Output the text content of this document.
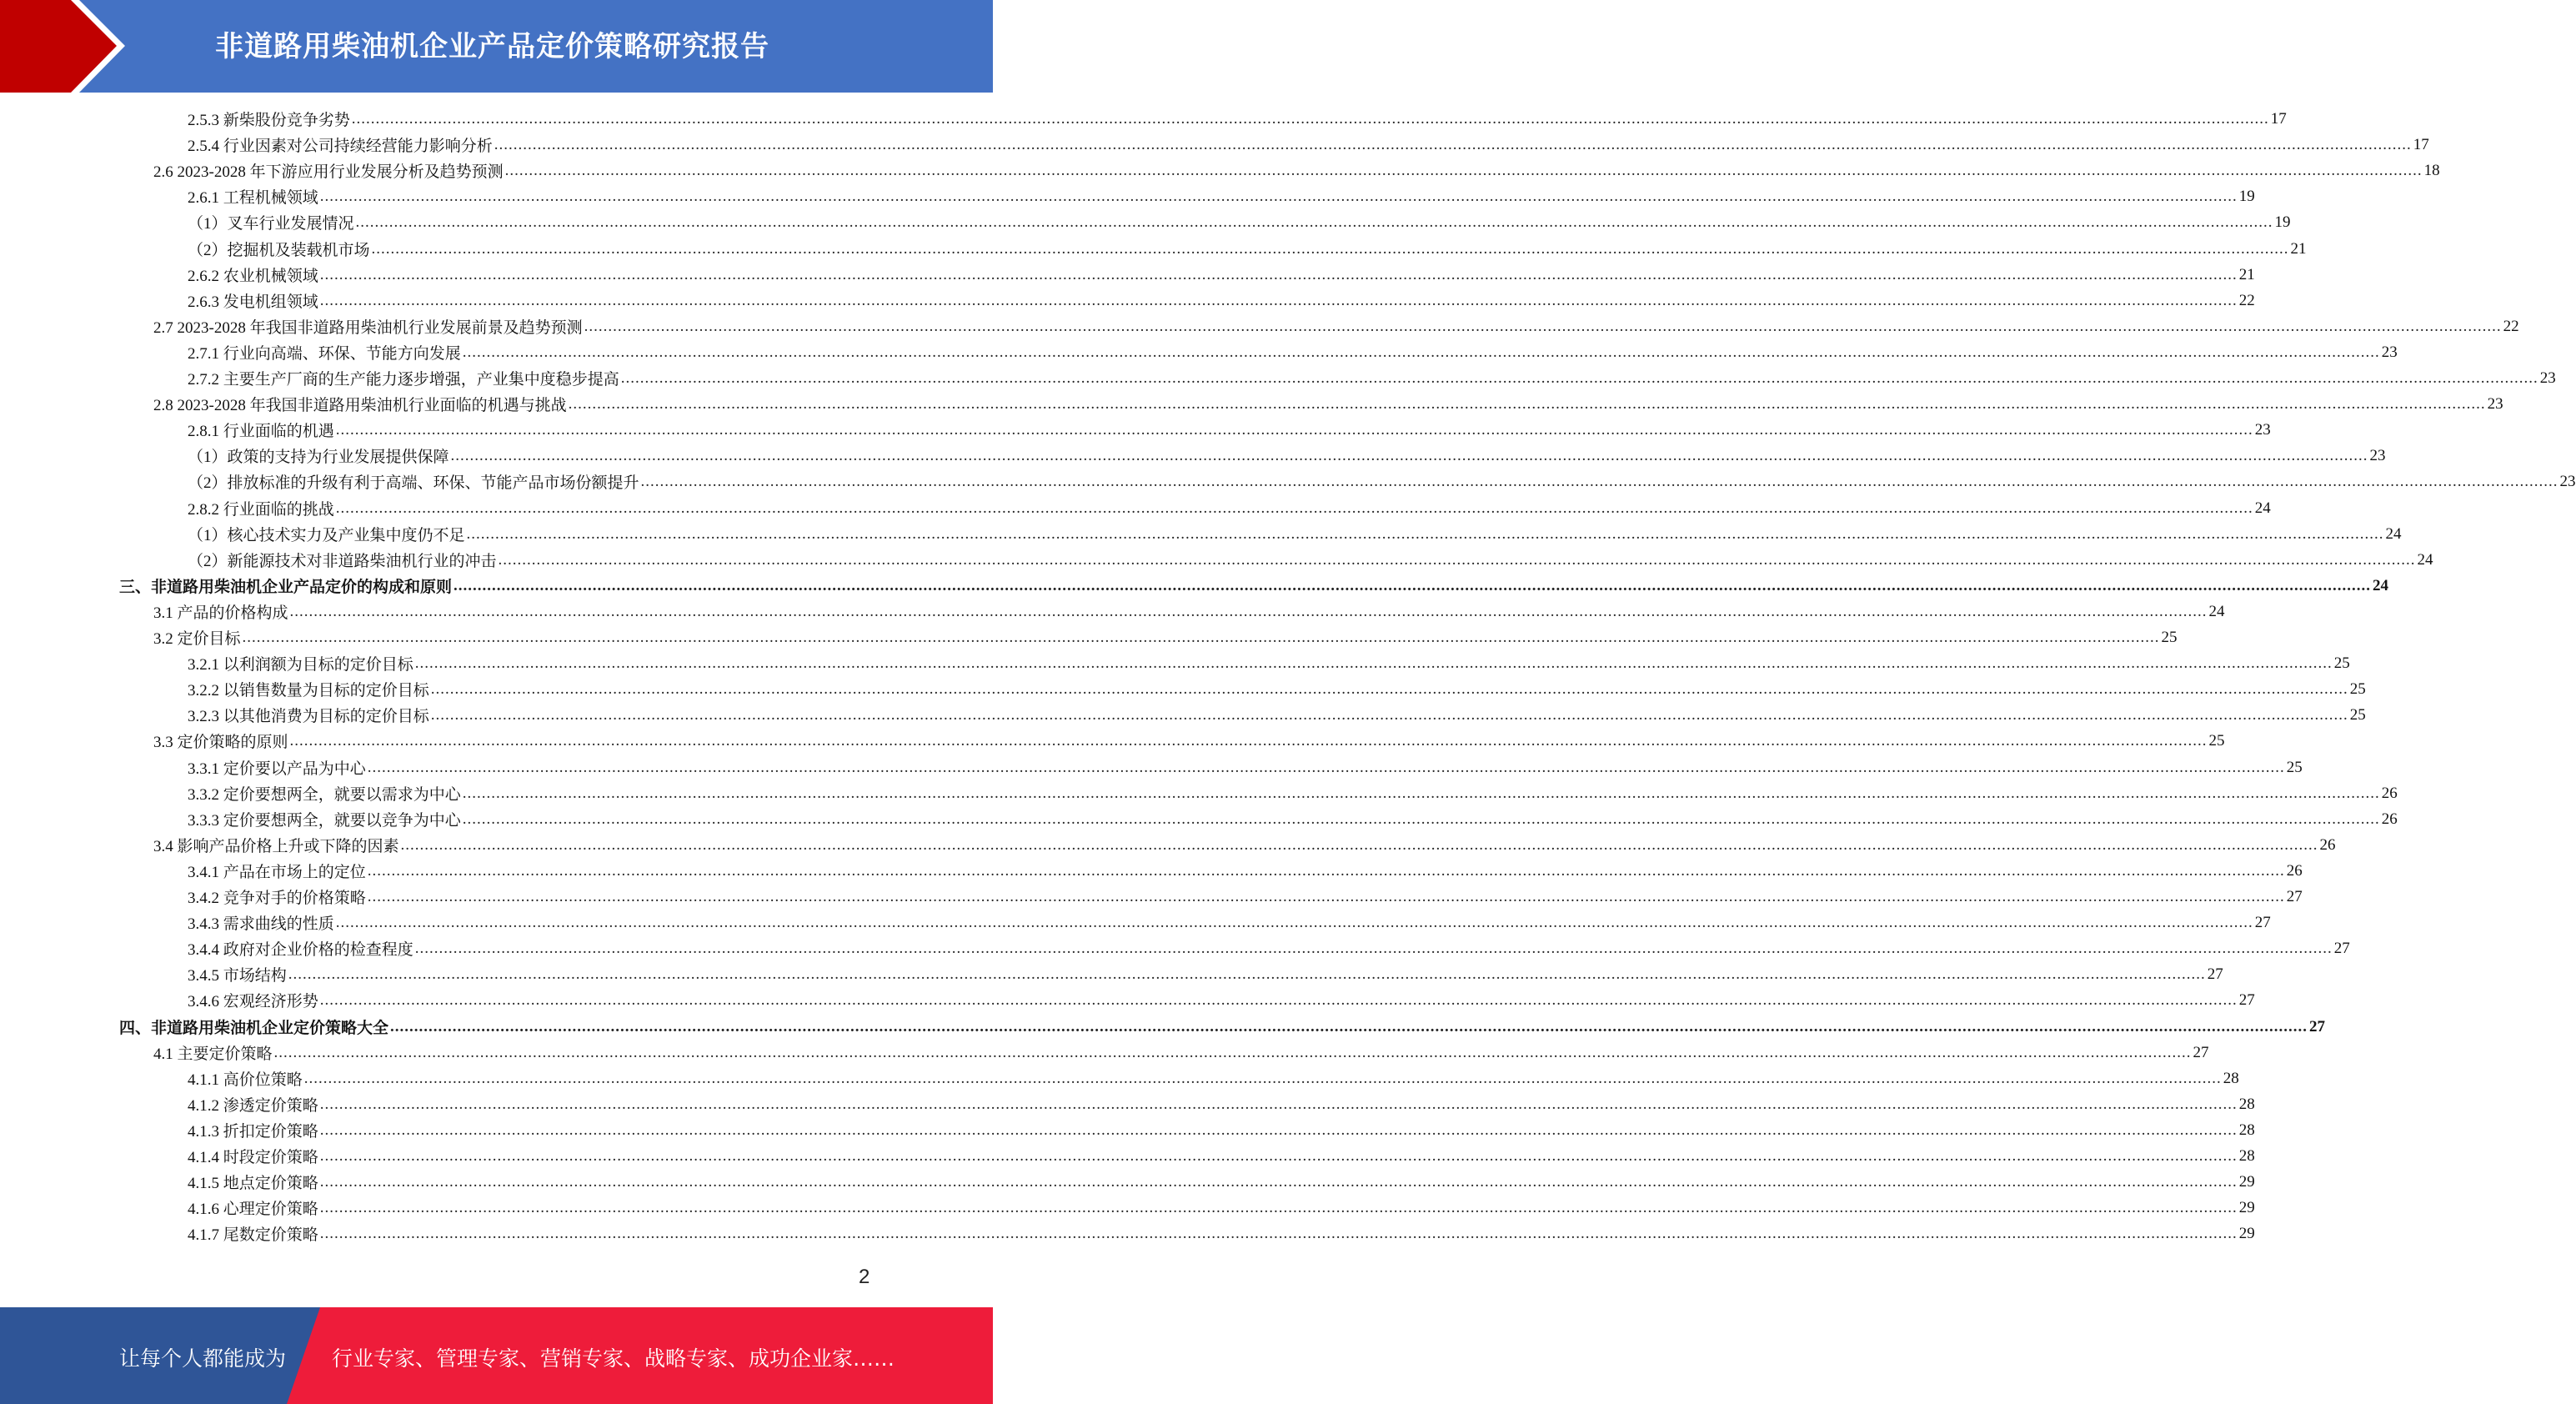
非道路用柴油机企业产品定价策略研究报告
2.5.3 新柴股份竞争劣势 ................................................................................................................................................................................................................................................................................................................................................................................................................ 17
2.5.4 行业因素对公司持续经营能力影响分析 ................................................................................................................................................................................................................................................................................................................................................................................................................ 17
2.6 2023-2028 年下游应用行业发展分析及趋势预测 ................................................................................................................................................................................................................................................................................................................................................................................................................ 18
2.6.1 工程机械领域 ................................................................................................................................................................................................................................................................................................................................................................................................................ 19
（1）叉车行业发展情况 ................................................................................................................................................................................................................................................................................................................................................................................................................ 19
（2）挖掘机及装载机市场 ................................................................................................................................................................................................................................................................................................................................................................................................................ 21
2.6.2 农业机械领域 ................................................................................................................................................................................................................................................................................................................................................................................................................ 21
2.6.3 发电机组领域 ................................................................................................................................................................................................................................................................................................................................................................................................................ 22
2.7 2023-2028 年我国非道路用柴油机行业发展前景及趋势预测 ................................................................................................................................................................................................................................................................................................................................................................................................................ 22
2.7.1 行业向高端、环保、节能方向发展 ................................................................................................................................................................................................................................................................................................................................................................................................................ 23
2.7.2 主要生产厂商的生产能力逐步增强，产业集中度稳步提高 ................................................................................................................................................................................................................................................................................................................................................................................................................ 23
2.8 2023-2028 年我国非道路用柴油机行业面临的机遇与挑战 ................................................................................................................................................................................................................................................................................................................................................................................................................ 23
2.8.1 行业面临的机遇 ................................................................................................................................................................................................................................................................................................................................................................................................................ 23
（1）政策的支持为行业发展提供保障 ................................................................................................................................................................................................................................................................................................................................................................................................................ 23
（2）排放标准的升级有利于高端、环保、节能产品市场份额提升 ................................................................................................................................................................................................................................................................................................................................................................................................................ 23
2.8.2 行业面临的挑战 ................................................................................................................................................................................................................................................................................................................................................................................................................ 24
（1）核心技术实力及产业集中度仍不足 ................................................................................................................................................................................................................................................................................................................................................................................................................ 24
（2）新能源技术对非道路柴油机行业的冲击 ................................................................................................................................................................................................................................................................................................................................................................................................................ 24
三、非道路用柴油机企业产品定价的构成和原则 ................................................................................................................................................................................................................................................................................................................................................................................................................ 24
3.1 产品的价格构成 ................................................................................................................................................................................................................................................................................................................................................................................................................ 24
3.2 定价目标 ................................................................................................................................................................................................................................................................................................................................................................................................................ 25
3.2.1 以利润额为目标的定价目标 ................................................................................................................................................................................................................................................................................................................................................................................................................ 25
3.2.2 以销售数量为目标的定价目标 ................................................................................................................................................................................................................................................................................................................................................................................................................ 25
3.2.3 以其他消费为目标的定价目标 ................................................................................................................................................................................................................................................................................................................................................................................................................ 25
3.3 定价策略的原则 ................................................................................................................................................................................................................................................................................................................................................................................................................ 25
3.3.1 定价要以产品为中心 ................................................................................................................................................................................................................................................................................................................................................................................................................ 25
3.3.2 定价要想两全，就要以需求为中心 ................................................................................................................................................................................................................................................................................................................................................................................................................ 26
3.3.3 定价要想两全，就要以竞争为中心 ................................................................................................................................................................................................................................................................................................................................................................................................................ 26
3.4 影响产品价格上升或下降的因素 ................................................................................................................................................................................................................................................................................................................................................................................................................ 26
3.4.1 产品在市场上的定位 ................................................................................................................................................................................................................................................................................................................................................................................................................ 26
3.4.2 竞争对手的价格策略 ................................................................................................................................................................................................................................................................................................................................................................................................................ 27
3.4.3 需求曲线的性质 ................................................................................................................................................................................................................................................................................................................................................................................................................ 27
3.4.4 政府对企业价格的检查程度 ................................................................................................................................................................................................................................................................................................................................................................................................................ 27
3.4.5 市场结构 ................................................................................................................................................................................................................................................................................................................................................................................................................ 27
3.4.6 宏观经济形势 ................................................................................................................................................................................................................................................................................................................................................................................................................ 27
四、非道路用柴油机企业定价策略大全 ................................................................................................................................................................................................................................................................................................................................................................................................................ 27
4.1 主要定价策略 ................................................................................................................................................................................................................................................................................................................................................................................................................ 27
4.1.1 高价位策略 ................................................................................................................................................................................................................................................................................................................................................................................................................ 28
4.1.2 渗透定价策略 ................................................................................................................................................................................................................................................................................................................................................................................................................ 28
4.1.3 折扣定价策略 ................................................................................................................................................................................................................................................................................................................................................................................................................ 28
4.1.4 时段定价策略 ................................................................................................................................................................................................................................................................................................................................................................................................................ 28
4.1.5 地点定价策略 ................................................................................................................................................................................................................................................................................................................................................................................................................ 29
4.1.6 心理定价策略 ................................................................................................................................................................................................................................................................................................................................................................................................................ 29
4.1.7 尾数定价策略 ................................................................................................................................................................................................................................................................................................................................................................................................................ 29
2
让每个人都能成为 行业专家、管理专家、营销专家、战略专家、成功企业家……
